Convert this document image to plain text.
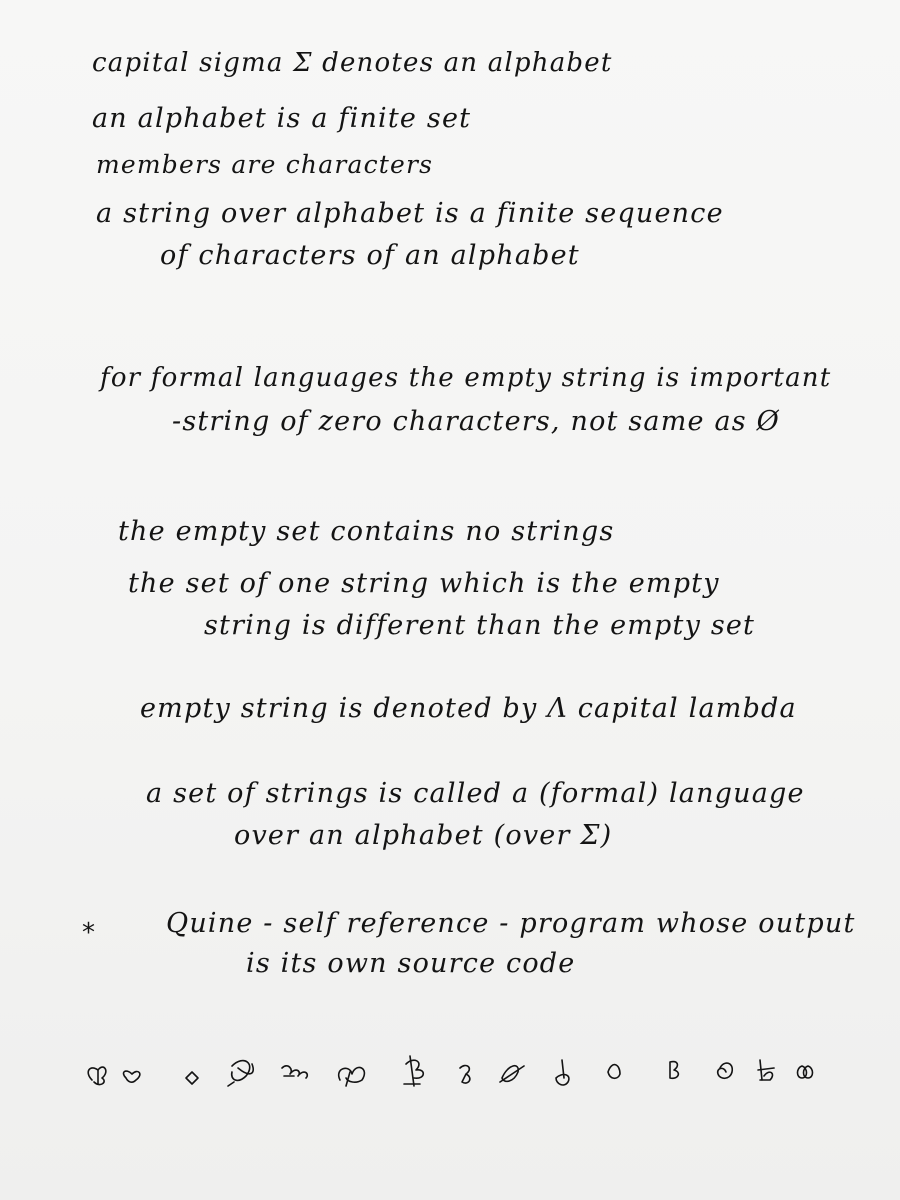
capital sigma Σ denotes an alphabet
an alphabet is a finite set
members are characters
a string over alphabet is a finite sequence
of characters of an alphabet
for formal languages the empty string is important
-string of zero characters, not same as Ø
the empty set contains no strings
the set of one string which is the empty
string is different than the empty set
empty string is denoted by Λ capital lambda
a set of strings is called a (formal) language
over an alphabet (over Σ)
*	Quine - self reference - program whose output
is its own source code
